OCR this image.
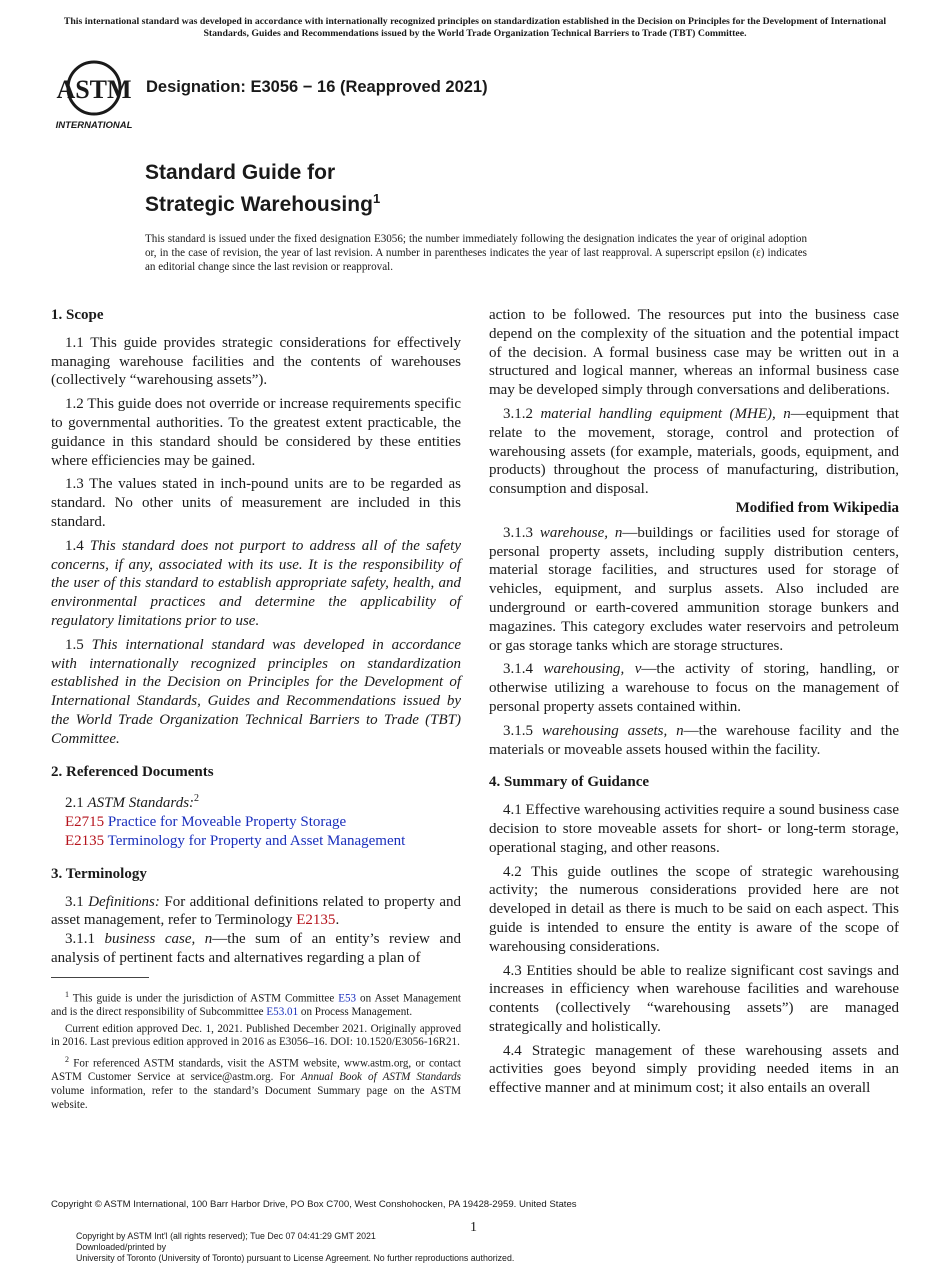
This international standard was developed in accordance with internationally recognized principles on standardization established in the Decision on Principles for the Development of International Standards, Guides and Recommendations issued by the World Trade Organization Technical Barriers to Trade (TBT) Committee.
ASTM
INTERNATIONAL
Designation: E3056 − 16 (Reapproved 2021)
Standard Guide for
Strategic Warehousing$^1$
This standard is issued under the fixed designation E3056; the number immediately following the designation indicates the year of original adoption or, in the case of revision, the year of last revision. A number in parentheses indicates the year of last reapproval. A superscript epsilon (ε) indicates an editorial change since the last revision or reapproval.
1. Scope

1.1 This guide provides strategic considerations for effectively managing warehouse facilities and the contents of warehouses (collectively “warehousing assets”).

1.2 This guide does not override or increase requirements specific to governmental authorities. To the greatest extent practicable, the guidance in this standard should be considered by these entities where efficiencies may be gained.

1.3 The values stated in inch-pound units are to be regarded as standard. No other units of measurement are included in this standard.

1.4 This standard does not purport to address all of the safety concerns, if any, associated with its use. It is the responsibility of the user of this standard to establish appropriate safety, health, and environmental practices and determine the applicability of regulatory limitations prior to use.

1.5 This international standard was developed in accordance with internationally recognized principles on standardization established in the Decision on Principles for the Development of International Standards, Guides and Recommendations issued by the World Trade Organization Technical Barriers to Trade (TBT) Committee.

2. Referenced Documents

2.1 ASTM Standards:$^2$

E2715 Practice for Moveable Property Storage

E2135 Terminology for Property and Asset Management

3. Terminology

3.1 Definitions: For additional definitions related to property and asset management, refer to Terminology E2135.

3.1.1 business case, n—the sum of an entity’s review and analysis of pertinent facts and alternatives regarding a plan of

action to be followed. The resources put into the business case depend on the complexity of the situation and the potential impact of the decision. A formal business case may be written out in a structured and logical manner, whereas an informal business case may be developed simply through conversations and deliberations.

3.1.2 material handling equipment (MHE), n—equipment that relate to the movement, storage, control and protection of warehousing assets (for example, materials, goods, equipment, and products) throughout the process of manufacturing, distribution, consumption and disposal.

Modified from Wikipedia

3.1.3 warehouse, n—buildings or facilities used for storage of personal property assets, including supply distribution centers, material storage facilities, and structures used for storage of vehicles, equipment, and surplus assets. Also included are underground or earth-covered ammunition storage bunkers and magazines. This category excludes water reservoirs and petroleum or gas storage tanks which are storage structures.

3.1.4 warehousing, v—the activity of storing, handling, or otherwise utilizing a warehouse to focus on the management of personal property assets contained within.

3.1.5 warehousing assets, n—the warehouse facility and the materials or moveable assets housed within the facility.

4. Summary of Guidance

4.1 Effective warehousing activities require a sound business case decision to store moveable assets for short- or long-term storage, operational staging, and other reasons.

4.2 This guide outlines the scope of strategic warehousing activity; the numerous considerations provided here are not developed in detail as there is much to be said on each aspect. This guide is intended to ensure the entity is aware of the scope of warehousing considerations.

4.3 Entities should be able to realize significant cost savings and increases in efficiency when warehouse facilities and warehouse contents (collectively “warehousing assets”) are managed strategically and holistically.

4.4 Strategic management of these warehousing assets and activities goes beyond simply providing needed items in an effective manner and at minimum cost; it also entails an overall

$^1$ This guide is under the jurisdiction of ASTM Committee E53 on Asset Management and is the direct responsibility of Subcommittee E53.01 on Process Management.

Current edition approved Dec. 1, 2021. Published December 2021. Originally approved in 2016. Last previous edition approved in 2016 as E3056–16. DOI: 10.1520/E3056-16R21.

$^2$ For referenced ASTM standards, visit the ASTM website, www.astm.org, or contact ASTM Customer Service at service@astm.org. For Annual Book of ASTM Standards volume information, refer to the standard’s Document Summary page on the ASTM website.

Copyright © ASTM International, 100 Barr Harbor Drive, PO Box C700, West Conshohocken, PA 19428-2959. United States
1
Copyright by ASTM Int'l (all rights reserved); Tue Dec 07 04:41:29 GMT 2021
Downloaded/printed by
University of Toronto (University of Toronto) pursuant to License Agreement. No further reproductions authorized.
